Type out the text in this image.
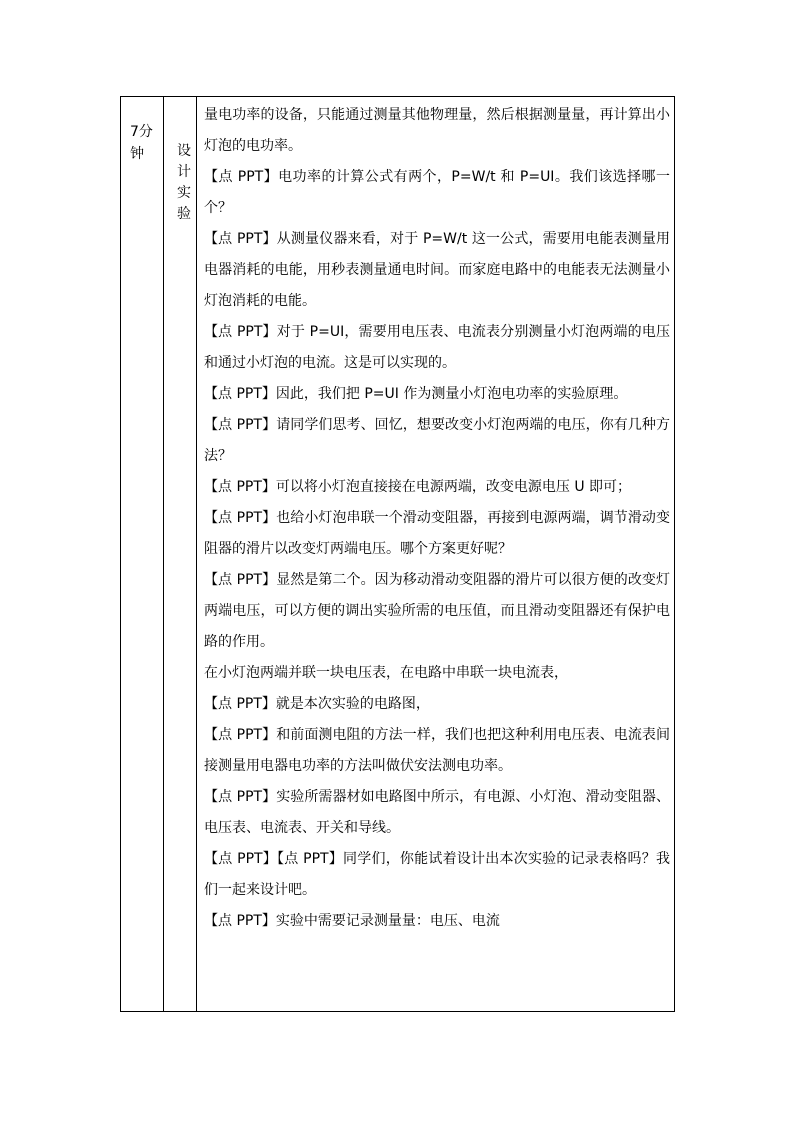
7分钟	设
计
实
验

量电功率的设备，只能通过测量其他物理量，然后根据测量量，再计算出小灯泡的电功率。

【点 PPT】电功率的计算公式有两个，P=W/t 和 P=UI。我们该选择哪一个？

【点 PPT】从测量仪器来看，对于 P=W/t 这一公式，需要用电能表测量用电器消耗的电能，用秒表测量通电时间。而家庭电路中的电能表无法测量小灯泡消耗的电能。

【点 PPT】对于 P=UI，需要用电压表、电流表分别测量小灯泡两端的电压和通过小灯泡的电流。这是可以实现的。

【点 PPT】因此，我们把 P=UI 作为测量小灯泡电功率的实验原理。

【点 PPT】请同学们思考、回忆，想要改变小灯泡两端的电压，你有几种方法？

【点 PPT】可以将小灯泡直接接在电源两端，改变电源电压 U 即可；

【点 PPT】也给小灯泡串联一个滑动变阻器，再接到电源两端，调节滑动变阻器的滑片以改变灯两端电压。哪个方案更好呢？

【点 PPT】显然是第二个。因为移动滑动变阻器的滑片可以很方便的改变灯两端电压，可以方便的调出实验所需的电压值，而且滑动变阻器还有保护电路的作用。

在小灯泡两端并联一块电压表，在电路中串联一块电流表，

【点 PPT】就是本次实验的电路图，

【点 PPT】和前面测电阻的方法一样，我们也把这种利用电压表、电流表间接测量用电器电功率的方法叫做伏安法测电功率。

【点 PPT】实验所需器材如电路图中所示，有电源、小灯泡、滑动变阻器、电压表、电流表、开关和导线。

【点 PPT】【点 PPT】同学们，你能试着设计出本次实验的记录表格吗？我们一起来设计吧。

【点 PPT】实验中需要记录测量量：电压、电流
